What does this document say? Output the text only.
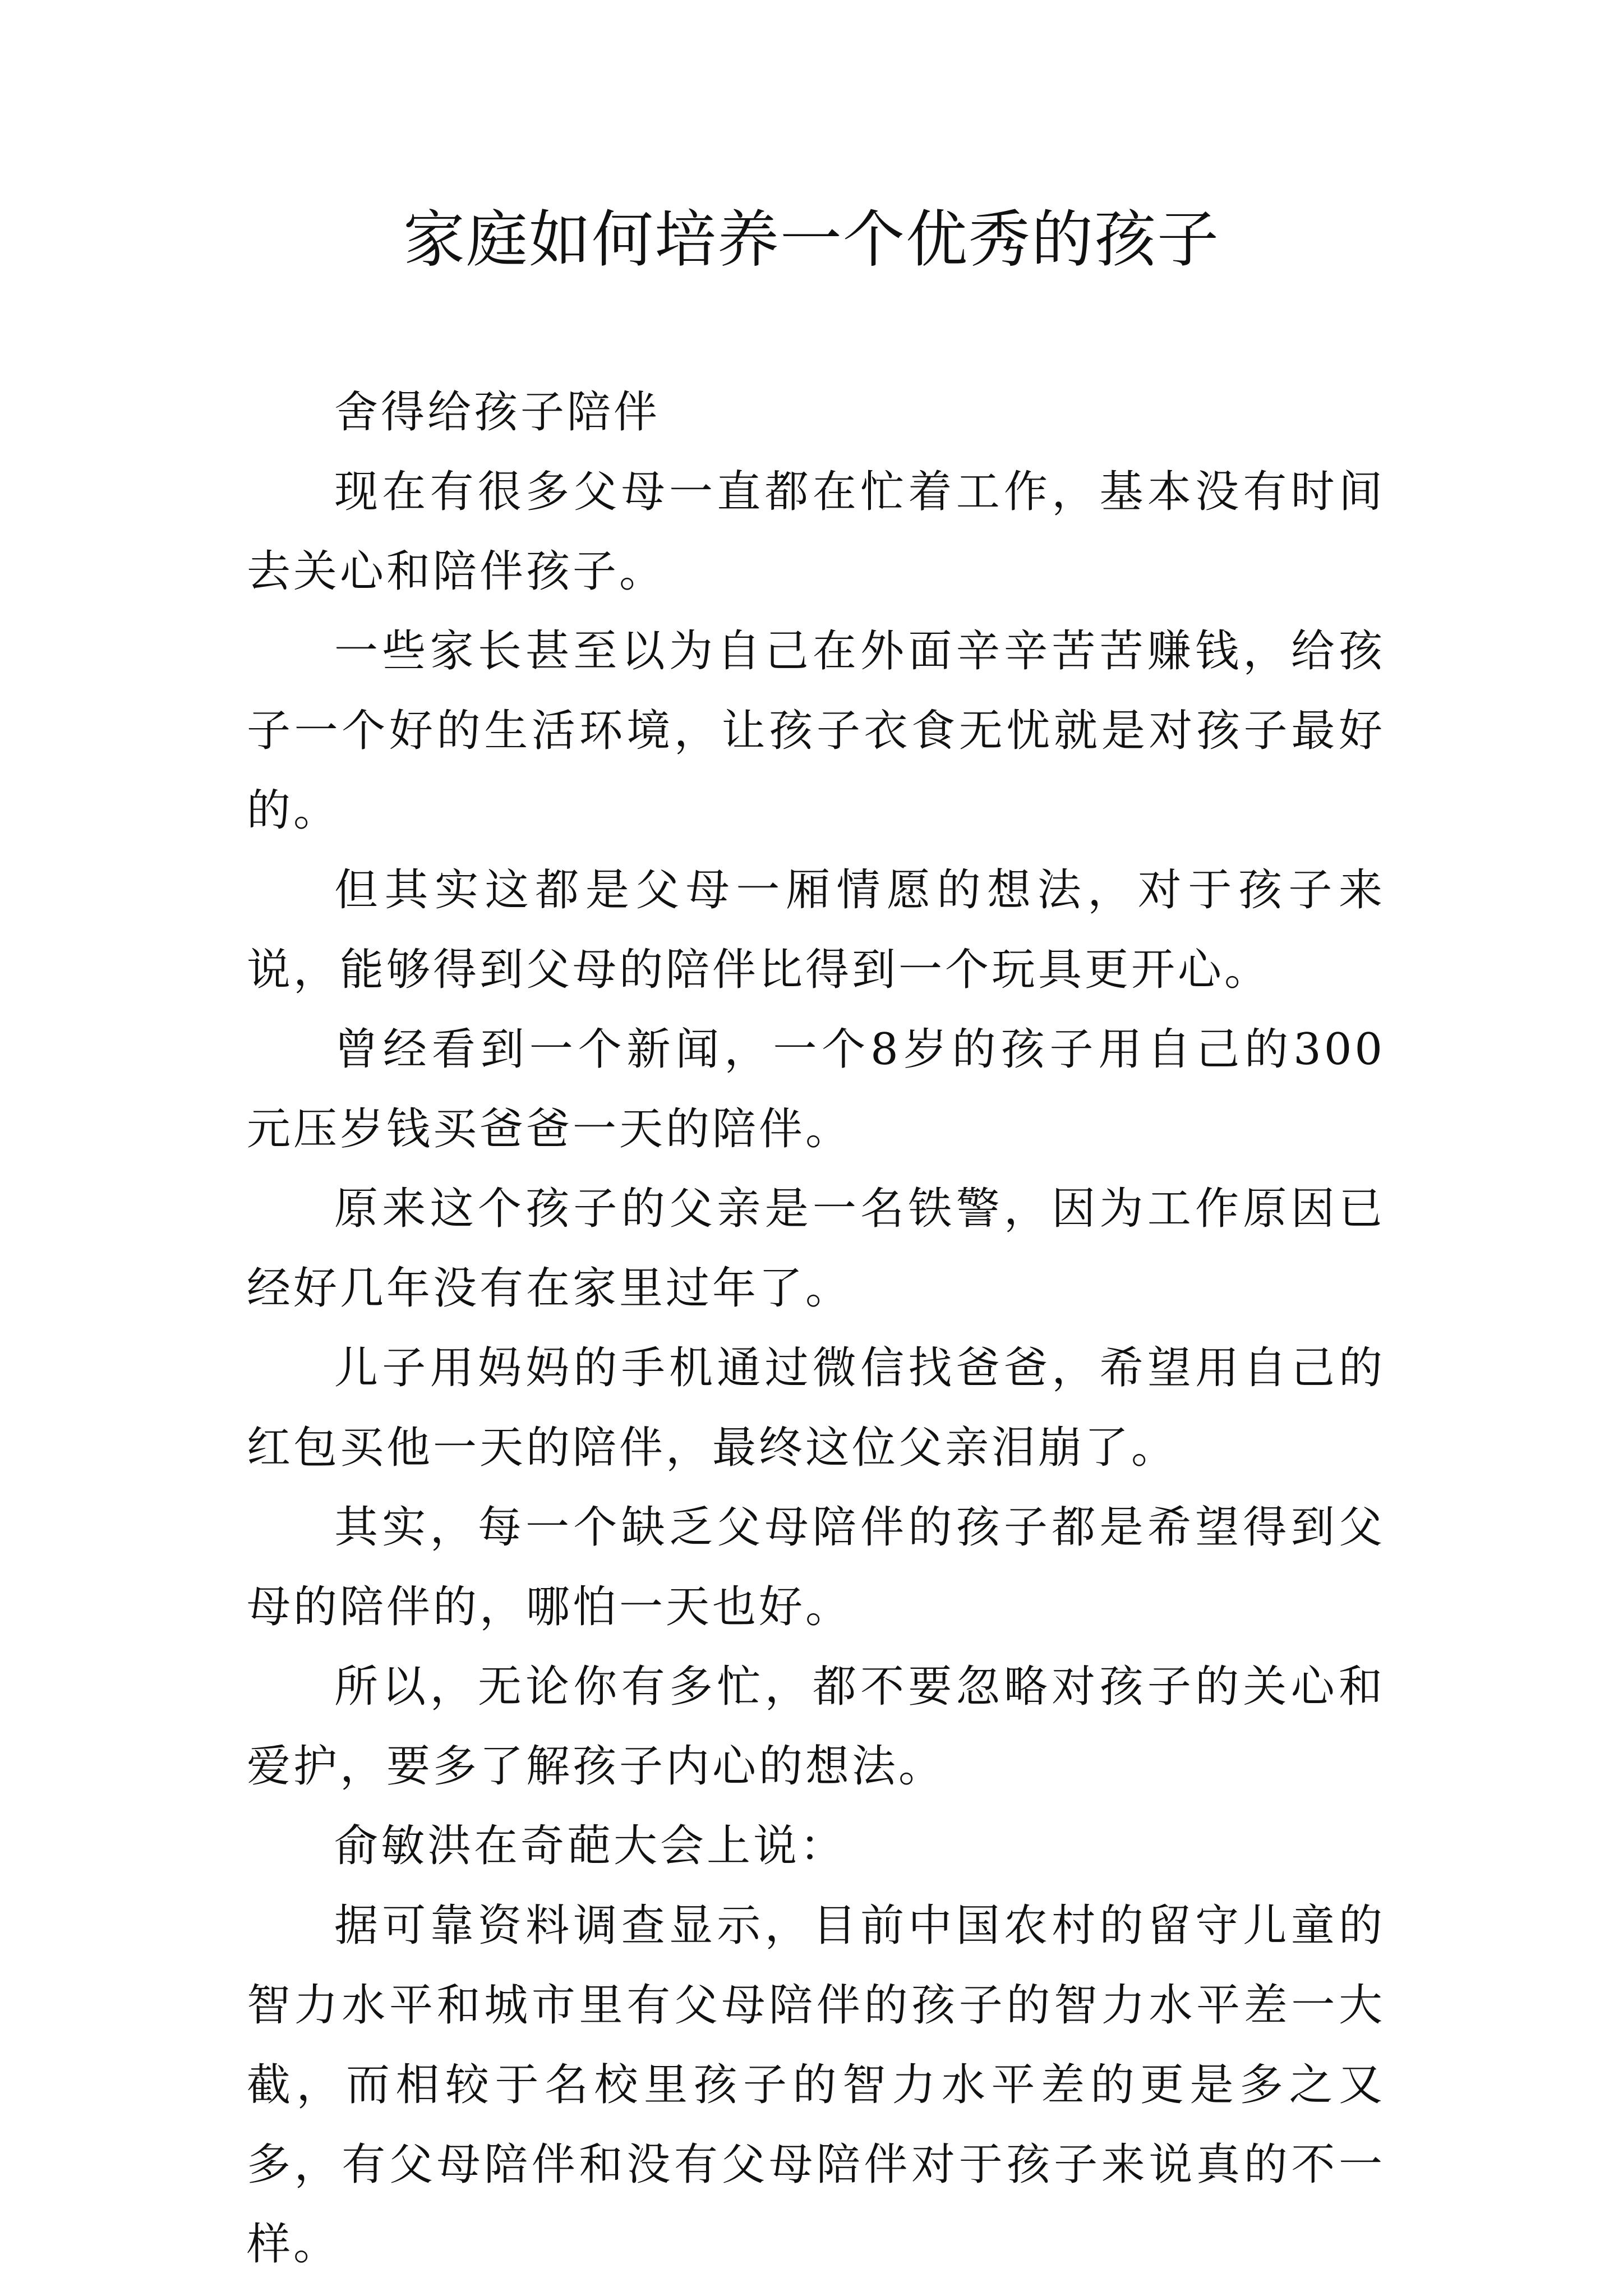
家庭如何培养一个优秀的孩子

舍得给孩子陪伴

现在有很多父母一直都在忙着工作，基本没有时间去关心和陪伴孩子。

一些家长甚至以为自己在外面辛辛苦苦赚钱，给孩子一个好的生活环境，让孩子衣食无忧就是对孩子最好的。

但其实这都是父母一厢情愿的想法，对于孩子来说，能够得到父母的陪伴比得到一个玩具更开心。

曾经看到一个新闻，一个8岁的孩子用自己的300元压岁钱买爸爸一天的陪伴。

原来这个孩子的父亲是一名铁警，因为工作原因已经好几年没有在家里过年了。

儿子用妈妈的手机通过微信找爸爸，希望用自己的红包买他一天的陪伴，最终这位父亲泪崩了。

其实，每一个缺乏父母陪伴的孩子都是希望得到父母的陪伴的，哪怕一天也好。

所以，无论你有多忙，都不要忽略对孩子的关心和爱护，要多了解孩子内心的想法。

俞敏洪在奇葩大会上说：

据可靠资料调查显示，目前中国农村的留守儿童的智力水平和城市里有父母陪伴的孩子的智力水平差一大截，而相较于名校里孩子的智力水平差的更是多之又多，有父母陪伴和没有父母陪伴对于孩子来说真的不一样。
